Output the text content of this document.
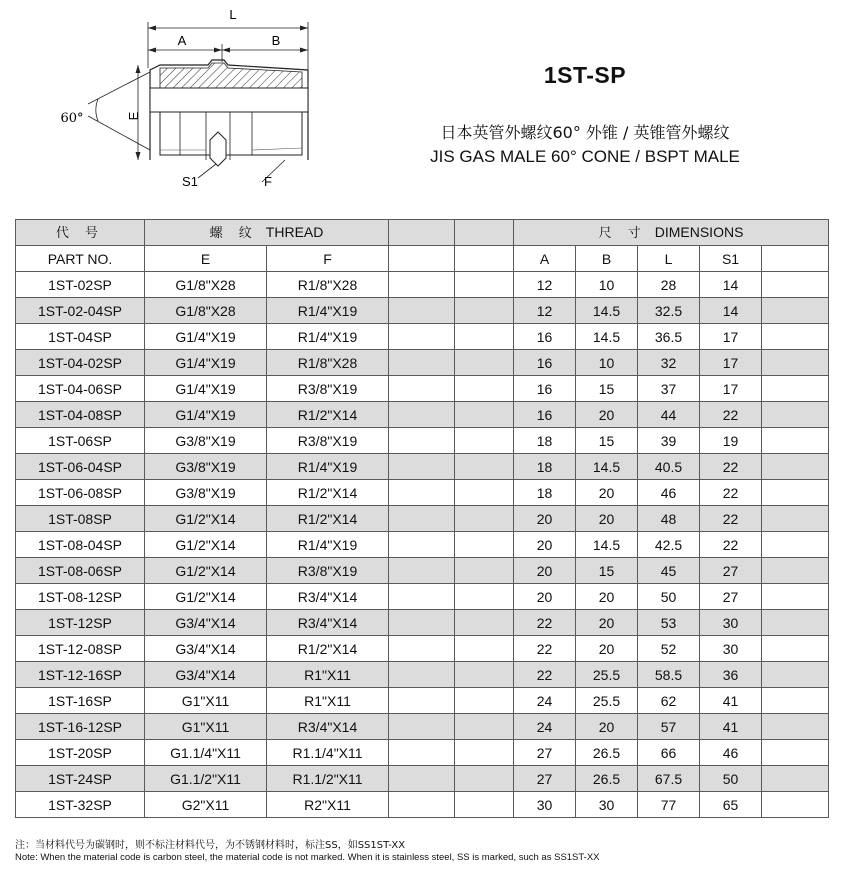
L
A	B
E
60°
S1	F
1ST-SP
日本英管外螺纹60° 外锥 / 英锥管外螺纹
JIS GAS MALE 60° CONE / BSPT MALE
代 号	螺 纹 THREAD				尺 寸 DIMENSIONS				
PART NO.	E	F			A	B	L	S1	
1ST-02SP	G1/8"X28	R1/8"X28			12	10	28	14	
1ST-02-04SP	G1/8"X28	R1/4"X19			12	14.5	32.5	14	
1ST-04SP	G1/4"X19	R1/4"X19			16	14.5	36.5	17	
1ST-04-02SP	G1/4"X19	R1/8"X28			16	10	32	17	
1ST-04-06SP	G1/4"X19	R3/8"X19			16	15	37	17	
1ST-04-08SP	G1/4"X19	R1/2"X14			16	20	44	22	
1ST-06SP	G3/8"X19	R3/8"X19			18	15	39	19	
1ST-06-04SP	G3/8"X19	R1/4"X19			18	14.5	40.5	22	
1ST-06-08SP	G3/8"X19	R1/2"X14			18	20	46	22	
1ST-08SP	G1/2"X14	R1/2"X14			20	20	48	22	
1ST-08-04SP	G1/2"X14	R1/4"X19			20	14.5	42.5	22	
1ST-08-06SP	G1/2"X14	R3/8"X19			20	15	45	27	
1ST-08-12SP	G1/2"X14	R3/4"X14			20	20	50	27	
1ST-12SP	G3/4"X14	R3/4"X14			22	20	53	30	
1ST-12-08SP	G3/4"X14	R1/2"X14			22	20	52	30	
1ST-12-16SP	G3/4"X14	R1"X11			22	25.5	58.5	36	
1ST-16SP	G1"X11	R1"X11			24	25.5	62	41	
1ST-16-12SP	G1"X11	R3/4"X14			24	20	57	41	
1ST-20SP	G1.1/4"X11	R1.1/4"X11			27	26.5	66	46	
1ST-24SP	G1.1/2"X11	R1.1/2"X11			27	26.5	67.5	50	
1ST-32SP	G2"X11	R2"X11			30	30	77	65	
注：当材料代号为碳钢时，则不标注材料代号，为不锈钢材料时，标注SS，如SS1ST-XX
Note: When the material code is carbon steel, the material code is not marked. When it is stainless steel, SS is marked, such as SS1ST-XX
